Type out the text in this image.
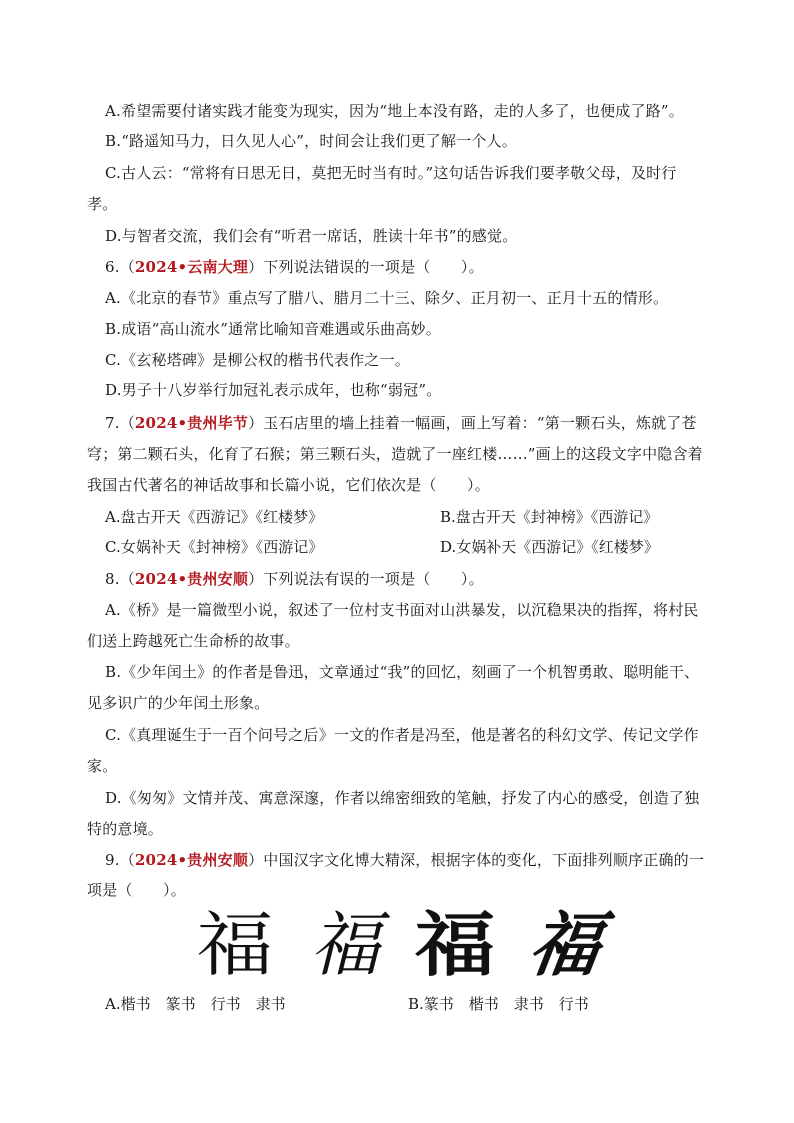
A.希望需要付诸实践才能变为现实，因为“地上本没有路，走的人多了，也便成了路”。
B.“路遥知马力，日久见人心”，时间会让我们更了解一个人。
C.古人云：“常将有日思无日，莫把无时当有时。”这句话告诉我们要孝敬父母，及时行
孝。
D.与智者交流，我们会有“听君一席话，胜读十年书”的感觉。
6.（2024•云南大理）下列说法错误的一项是（　　）。
A.《北京的春节》重点写了腊八、腊月二十三、除夕、正月初一、正月十五的情形。
B.成语“高山流水”通常比喻知音难遇或乐曲高妙。
C.《玄秘塔碑》是柳公权的楷书代表作之一。
D.男子十八岁举行加冠礼表示成年，也称“弱冠”。
7.（2024•贵州毕节）玉石店里的墙上挂着一幅画，画上写着：“第一颗石头，炼就了苍
穹；第二颗石头，化育了石猴；第三颗石头，造就了一座红楼……”画上的这段文字中隐含着
我国古代著名的神话故事和长篇小说，它们依次是（　　）。
A.盘古开天《西游记》《红楼梦》	B.盘古开天《封神榜》《西游记》
C.女娲补天《封神榜》《西游记》	D.女娲补天《西游记》《红楼梦》
8.（2024•贵州安顺）下列说法有误的一项是（　　）。
A.《桥》是一篇微型小说，叙述了一位村支书面对山洪暴发，以沉稳果决的指挥，将村民
们送上跨越死亡生命桥的故事。
B.《少年闰土》的作者是鲁迅，文章通过“我”的回忆，刻画了一个机智勇敢、聪明能干、
见多识广的少年闰土形象。
C.《真理诞生于一百个问号之后》一文的作者是冯至，他是著名的科幻文学、传记文学作
家。
D.《匆匆》文情并茂、寓意深邃，作者以绵密细致的笔触，抒发了内心的感受，创造了独
特的意境。
9.（2024•贵州安顺）中国汉字文化博大精深，根据字体的变化，下面排列顺序正确的一
项是（　　）。
福 福 福 福
A.楷书　篆书　行书　隶书	B.篆书　楷书　隶书　行书
